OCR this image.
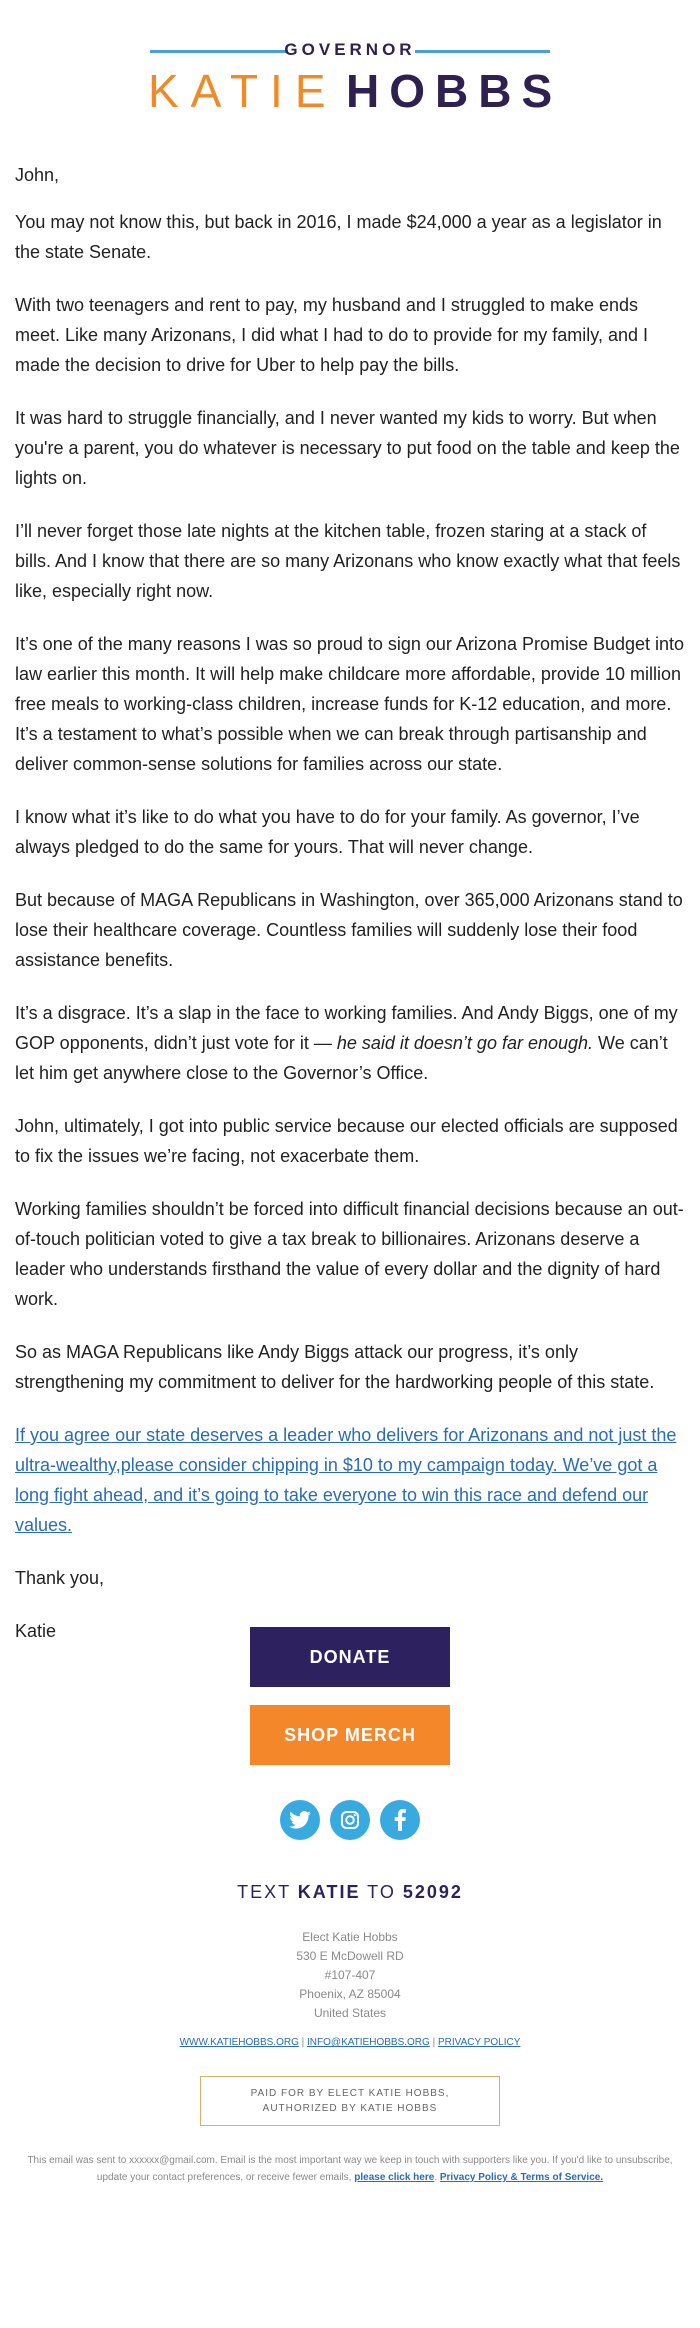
GOVERNOR
KATIE HOBBS

John,

You may not know this, but back in 2016, I made $24,000 a year as a legislator in the state Senate.

With two teenagers and rent to pay, my husband and I struggled to make ends meet. Like many Arizonans, I did what I had to do to provide for my family, and I made the decision to drive for Uber to help pay the bills.

It was hard to struggle financially, and I never wanted my kids to worry. But when you're a parent, you do whatever is necessary to put food on the table and keep the lights on.

I’ll never forget those late nights at the kitchen table, frozen staring at a stack of bills. And I know that there are so many Arizonans who know exactly what that feels like, especially right now.

It’s one of the many reasons I was so proud to sign our Arizona Promise Budget into law earlier this month. It will help make childcare more affordable, provide 10 million free meals to working-class children, increase funds for K-12 education, and more. It’s a testament to what’s possible when we can break through partisanship and deliver common-sense solutions for families across our state.

I know what it’s like to do what you have to do for your family. As governor, I’ve always pledged to do the same for yours. That will never change.

But because of MAGA Republicans in Washington, over 365,000 Arizonans stand to lose their healthcare coverage. Countless families will suddenly lose their food assistance benefits.

It’s a disgrace. It’s a slap in the face to working families. And Andy Biggs, one of my GOP opponents, didn’t just vote for it — he said it doesn’t go far enough. We can’t let him get anywhere close to the Governor’s Office.

John, ultimately, I got into public service because our elected officials are supposed to fix the issues we’re facing, not exacerbate them.

Working families shouldn’t be forced into difficult financial decisions because an out-of-touch politician voted to give a tax break to billionaires. Arizonans deserve a leader who understands firsthand the value of every dollar and the dignity of hard work.

So as MAGA Republicans like Andy Biggs attack our progress, it’s only strengthening my commitment to deliver for the hardworking people of this state.

If you agree our state deserves a leader who delivers for Arizonans and not just the ultra-wealthy,please consider chipping in $10 to my campaign today. We’ve got a long fight ahead, and it’s going to take everyone to win this race and defend our values.

Thank you,

Katie

DONATE
SHOP MERCH
TEXT KATIE TO 52092
Elect Katie Hobbs
530 E McDowell RD
#107-407
Phoenix, AZ 85004
United States
WWW.KATIEHOBBS.ORG | INFO@KATIEHOBBS.ORG | PRIVACY POLICY
PAID FOR BY ELECT KATIE HOBBS,
AUTHORIZED BY KATIE HOBBS
This email was sent to xxxxxx@gmail.com. Email is the most important way we keep in touch with supporters like you. If you'd like to unsubscribe, update your contact preferences, or receive fewer emails, please click here. Privacy Policy & Terms of Service.
